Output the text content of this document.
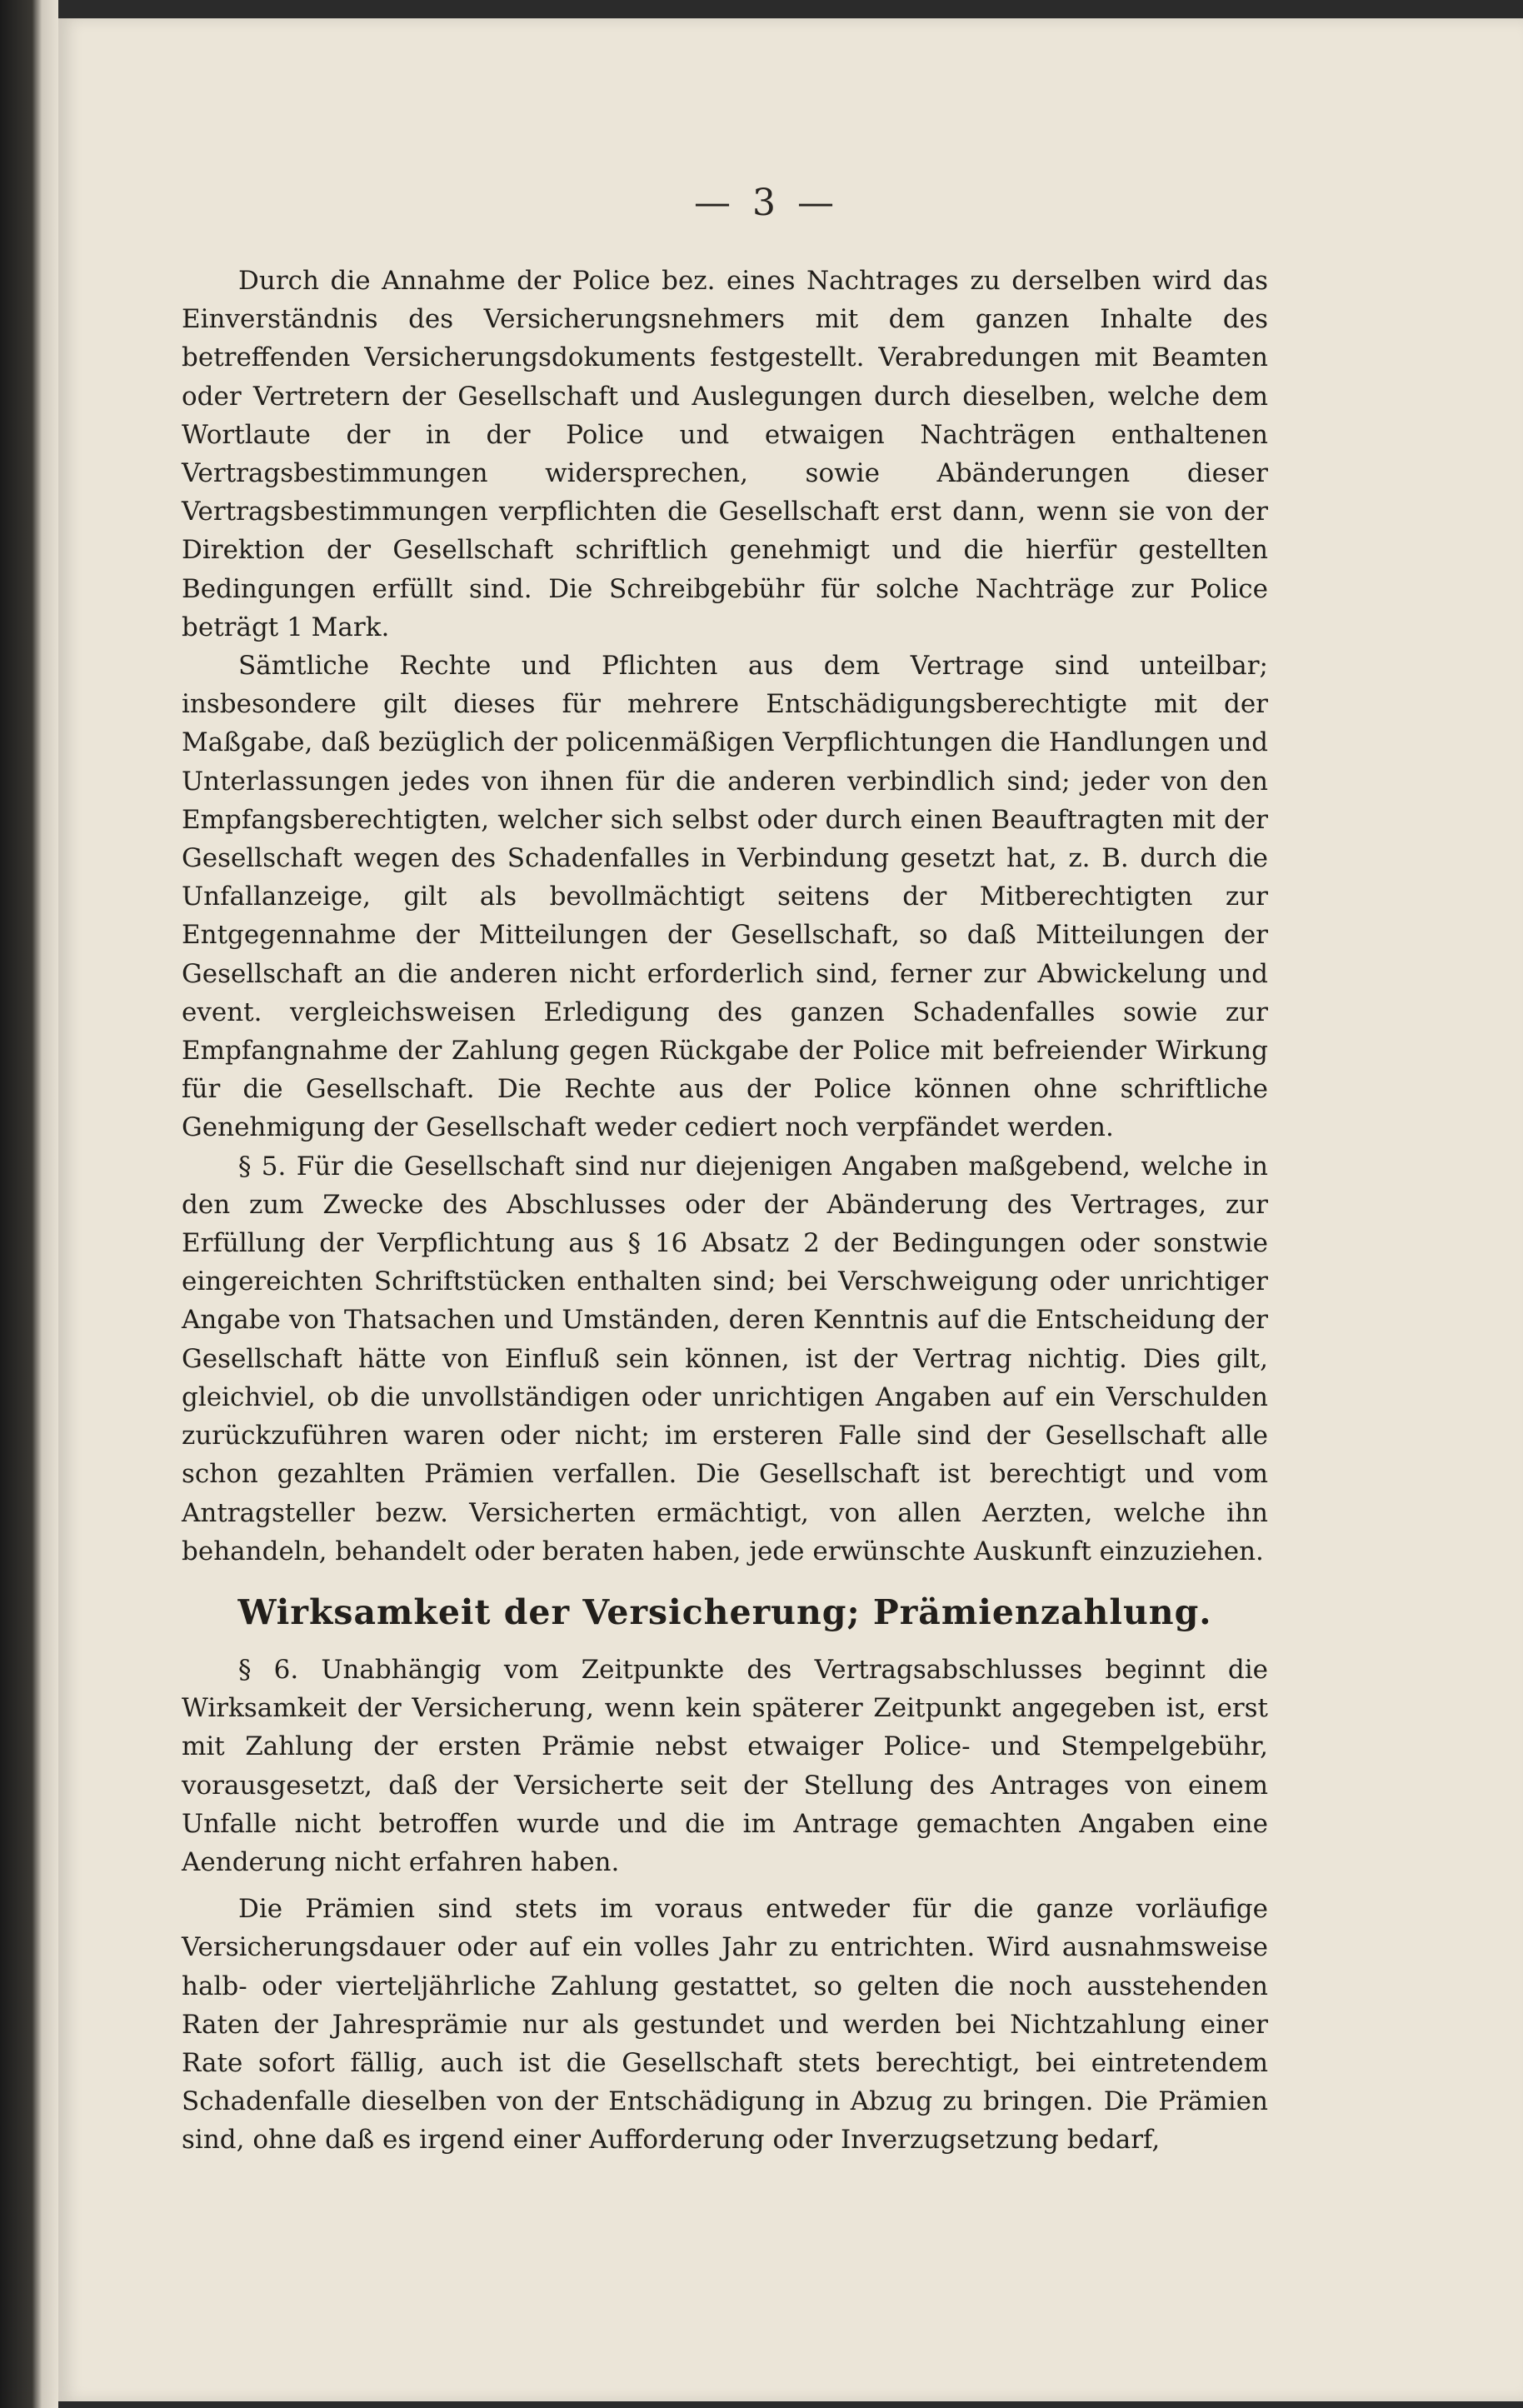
— 3 —

Durch die Annahme der Police bez. eines Nachtrages zu derselben wird das Einverständnis des Versicherungsnehmers mit dem ganzen Inhalte des betreffenden Versicherungsdokuments festgestellt. Verabredungen mit Beamten oder Vertretern der Gesellschaft und Auslegungen durch dieselben, welche dem Wortlaute der in der Police und etwaigen Nachträgen enthaltenen Vertragsbestimmungen widersprechen, sowie Abänderungen dieser Vertragsbestimmungen verpflichten die Gesellschaft erst dann, wenn sie von der Direktion der Gesellschaft schriftlich genehmigt und die hierfür gestellten Bedingungen erfüllt sind. Die Schreibgebühr für solche Nachträge zur Police beträgt 1 Mark.

Sämtliche Rechte und Pflichten aus dem Vertrage sind unteilbar; insbesondere gilt dieses für mehrere Entschädigungsberechtigte mit der Maßgabe, daß bezüglich der policenmäßigen Verpflichtungen die Handlungen und Unterlassungen jedes von ihnen für die anderen verbindlich sind; jeder von den Empfangsberechtigten, welcher sich selbst oder durch einen Beauftragten mit der Gesellschaft wegen des Schadenfalles in Verbindung gesetzt hat, z. B. durch die Unfallanzeige, gilt als bevollmächtigt seitens der Mitberechtigten zur Entgegennahme der Mitteilungen der Gesellschaft, so daß Mitteilungen der Gesellschaft an die anderen nicht erforderlich sind, ferner zur Abwickelung und event. vergleichsweisen Erledigung des ganzen Schadenfalles sowie zur Empfangnahme der Zahlung gegen Rückgabe der Police mit befreiender Wirkung für die Gesellschaft. Die Rechte aus der Police können ohne schriftliche Genehmigung der Gesellschaft weder cediert noch verpfändet werden.

§ 5. Für die Gesellschaft sind nur diejenigen Angaben maßgebend, welche in den zum Zwecke des Abschlusses oder der Abänderung des Vertrages, zur Erfüllung der Verpflichtung aus § 16 Absatz 2 der Bedingungen oder sonstwie eingereichten Schriftstücken enthalten sind; bei Verschweigung oder unrichtiger Angabe von Thatsachen und Umständen, deren Kenntnis auf die Entscheidung der Gesellschaft hätte von Einfluß sein können, ist der Vertrag nichtig. Dies gilt, gleichviel, ob die unvollständigen oder unrichtigen Angaben auf ein Verschulden zurückzuführen waren oder nicht; im ersteren Falle sind der Gesellschaft alle schon gezahlten Prämien verfallen. Die Gesellschaft ist berechtigt und vom Antragsteller bezw. Versicherten ermächtigt, von allen Aerzten, welche ihn behandeln, behandelt oder beraten haben, jede erwünschte Auskunft einzuziehen.

Wirksamkeit der Versicherung; Prämienzahlung.

§ 6. Unabhängig vom Zeitpunkte des Vertragsabschlusses beginnt die Wirksamkeit der Versicherung, wenn kein späterer Zeitpunkt angegeben ist, erst mit Zahlung der ersten Prämie nebst etwaiger Police- und Stempelgebühr, vorausgesetzt, daß der Versicherte seit der Stellung des Antrages von einem Unfalle nicht betroffen wurde und die im Antrage gemachten Angaben eine Aenderung nicht erfahren haben.

Die Prämien sind stets im voraus entweder für die ganze vorläufige Versicherungsdauer oder auf ein volles Jahr zu entrichten. Wird ausnahmsweise halb- oder vierteljährliche Zahlung gestattet, so gelten die noch ausstehenden Raten der Jahresprämie nur als gestundet und werden bei Nichtzahlung einer Rate sofort fällig, auch ist die Gesellschaft stets berechtigt, bei eintretendem Schadenfalle dieselben von der Entschädigung in Abzug zu bringen. Die Prämien sind, ohne daß es irgend einer Aufforderung oder Inverzugsetzung bedarf,
